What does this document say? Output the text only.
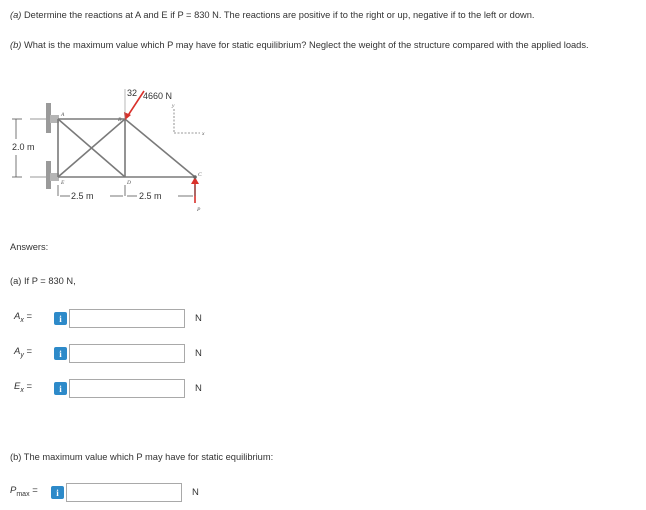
(a) Determine the reactions at A and E if P = 830 N. The reactions are positive if to the right or up, negative if to the left or down.
(b) What is the maximum value which P may have for static equilibrium? Neglect the weight of the structure compared with the applied loads.
2.0 m
2.5 m	2.5 m
32 4660 N
A
B
C
D
E
P
x
y
Answers:
(a) If P = 830 N,
$A_x$ =	i	N
$A_y$ =	i	N
$E_x$ =	i	N
(b) The maximum value which P may have for static equilibrium:
$P_{max}$ =	i	N
